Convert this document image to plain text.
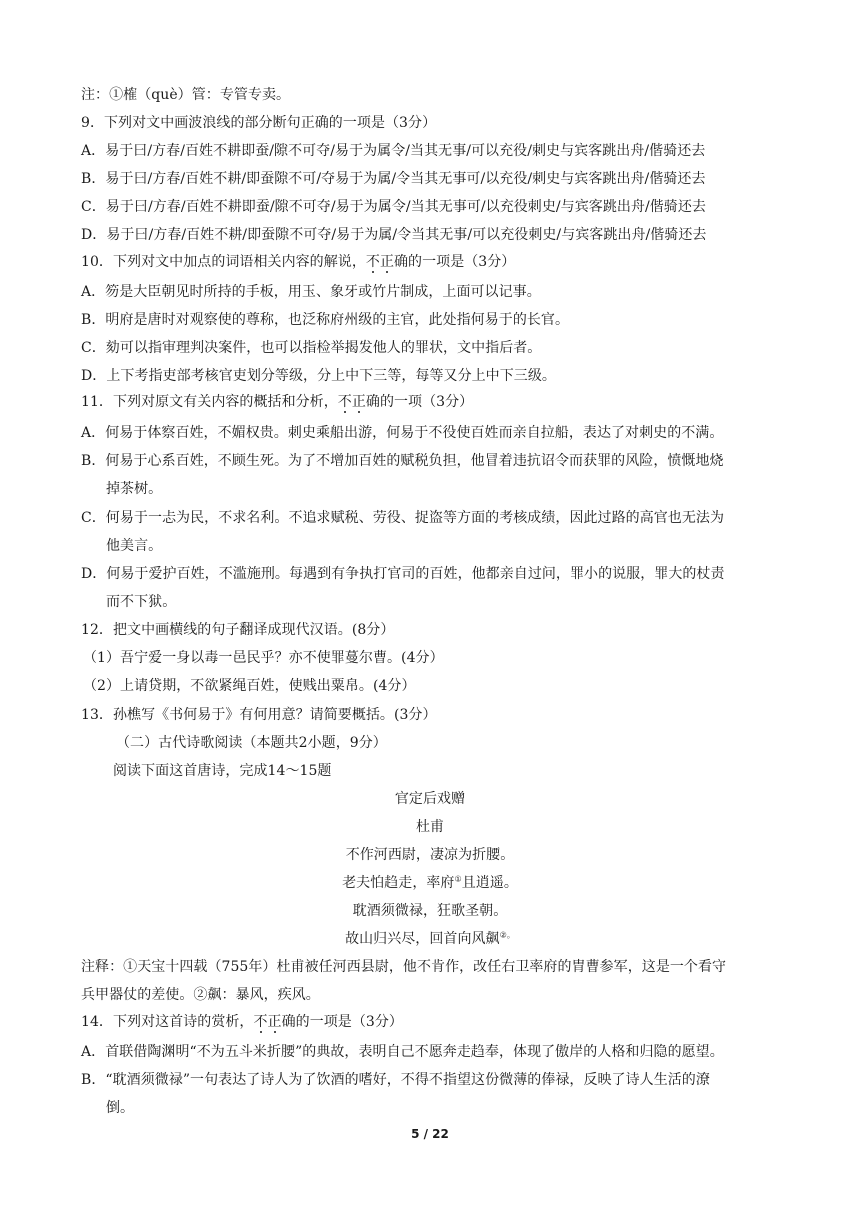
注：①榷（què）管：专管专卖。
9．下列对文中画波浪线的部分断句正确的一项是（3分）
A．易于曰/方春/百姓不耕即蚕/隙不可夺/易于为属令/当其无事/可以充役/刺史与宾客跳出舟/偕骑还去
B．易于曰/方春/百姓不耕/即蚕隙不可/夺易于为属/令当其无事可/以充役/刺史与宾客跳出舟/偕骑还去
C．易于曰/方春/百姓不耕即蚕/隙不可夺/易于为属令/当其无事可/以充役刺史/与宾客跳出舟/偕骑还去
D．易于曰/方春/百姓不耕/即蚕隙不可夺/易于为属/令当其无事/可以充役刺史/与宾客跳出舟/偕骑还去
10．下列对文中加点的词语相关内容的解说，不正确的一项是（3分）
A．笏是大臣朝见时所持的手板，用玉、象牙或竹片制成，上面可以记事。
B．明府是唐时对观察使的尊称，也泛称府州级的主官，此处指何易于的长官。
C．劾可以指审理判决案件，也可以指检举揭发他人的罪状，文中指后者。
D．上下考指吏部考核官吏划分等级，分上中下三等，每等又分上中下三级。
11．下列对原文有关内容的概括和分析，不正确的一项（3分）
A．何易于体察百姓，不媚权贵。刺史乘船出游，何易于不役使百姓而亲自拉船，表达了对刺史的不满。
B．何易于心系百姓，不顾生死。为了不增加百姓的赋税负担，他冒着违抗诏令而获罪的风险，愤慨地烧
掉茶树。
C．何易于一忐为民，不求名利。不追求赋税、劳役、捉盗等方面的考核成绩，因此过路的高官也无法为
他美言。
D．何易于爱护百姓，不滥施刑。每遇到有争执打官司的百姓，他都亲自过问，罪小的说服，罪大的杖责
而不下狱。
12．把文中画横线的句子翻译成现代汉语。(8分）
（1）吾宁爱一身以毒一邑民乎？亦不使罪蔓尔曹。(4分）
（2）上请贷期，不欲紧绳百姓，使贱出粟帛。(4分）
13．孙樵写《书何易于》有何用意？请简要概括。(3分）
（二）古代诗歌阅读（本题共2小题，9分）
阅读下面这首唐诗，完成14～15题
官定后戏赠
杜甫
不作河西尉，凄凉为折腰。
老夫怕趋走，率府①且逍遥。
耽酒须微禄，狂歌圣朝。
故山归兴尽，回首向风飙②。
注释：①天宝十四载（755年）杜甫被任河西县尉，他不肯作，改任右卫率府的胄曹参军，这是一个看守
兵甲器仗的差使。②飙：暴风，疾风。
14．下列对这首诗的赏析，不正确的一项是（3分）
A．首联借陶渊明“不为五斗米折腰”的典故，表明自己不愿奔走趋奉，体现了傲岸的人格和归隐的愿望。
B．“耽酒须微禄”一句表达了诗人为了饮酒的嗜好，不得不指望这份微薄的俸禄，反映了诗人生活的潦
倒。
5 / 22
